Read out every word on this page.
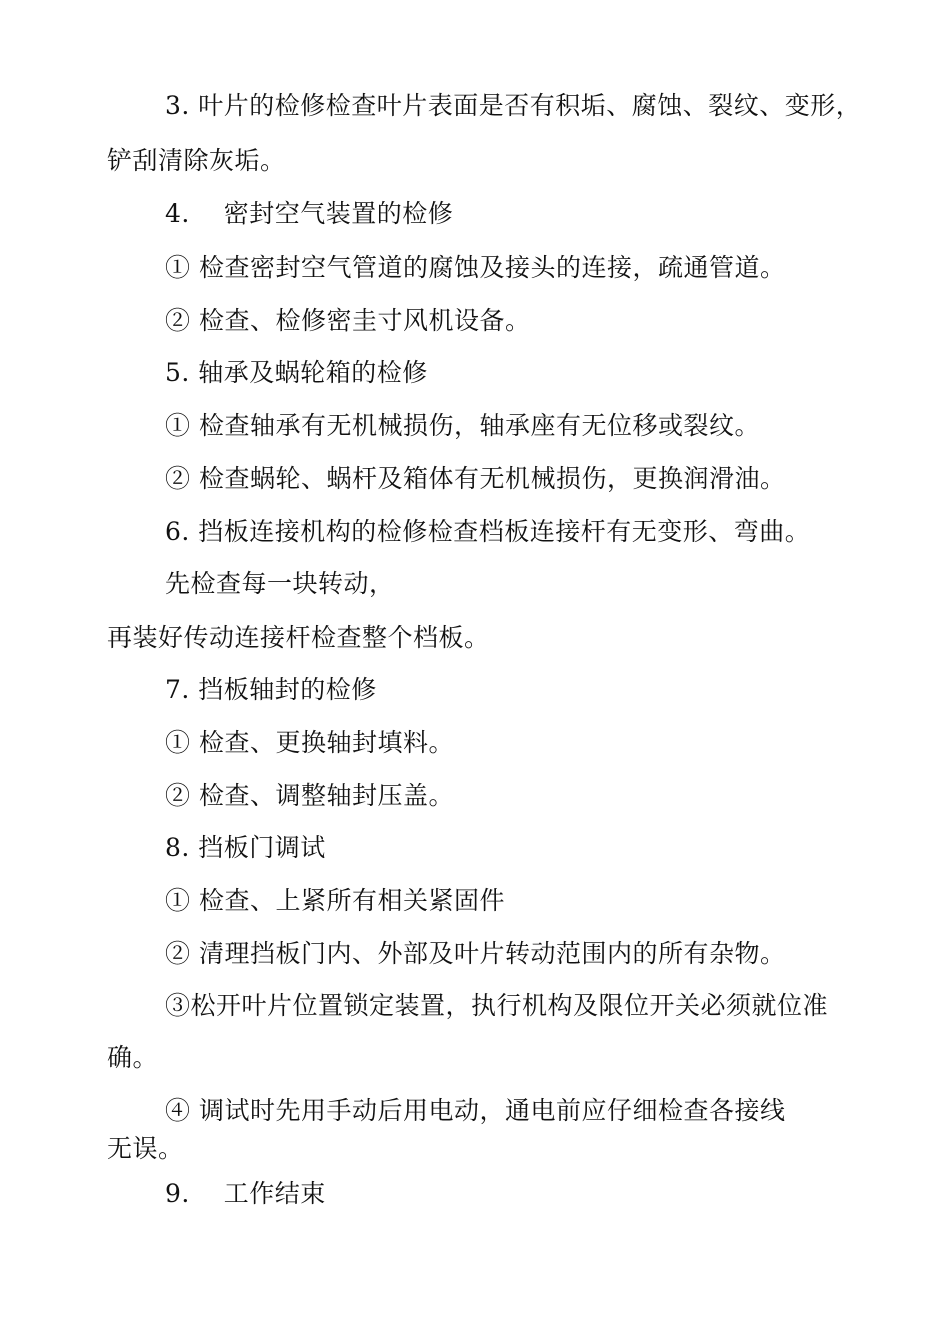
3. 叶片的检修检查叶片表面是否有积垢、腐蚀、裂纹、变形，
铲刮清除灰垢。
4.　 密封空气装置的检修
① 检查密封空气管道的腐蚀及接头的连接，疏通管道。
② 检查、检修密圭寸风机设备。
5. 轴承及蜗轮箱的检修
① 检查轴承有无机械损伤，轴承座有无位移或裂纹。
② 检查蜗轮、蜗杆及箱体有无机械损伤，更换润滑油。
6. 挡板连接机构的检修检查档板连接杆有无变形、弯曲。
先检查每一块转动，
再装好传动连接杆检查整个档板。
7. 挡板轴封的检修
① 检查、更换轴封填料。
② 检查、调整轴封压盖。
8. 挡板门调试
① 检查、上紧所有相关紧固件
② 清理挡板门内、外部及叶片转动范围内的所有杂物。
③松开叶片位置锁定装置，执行机构及限位开关必须就位准
确。
④ 调试时先用手动后用电动，通电前应仔细检查各接线
无误。
9.　 工作结束
